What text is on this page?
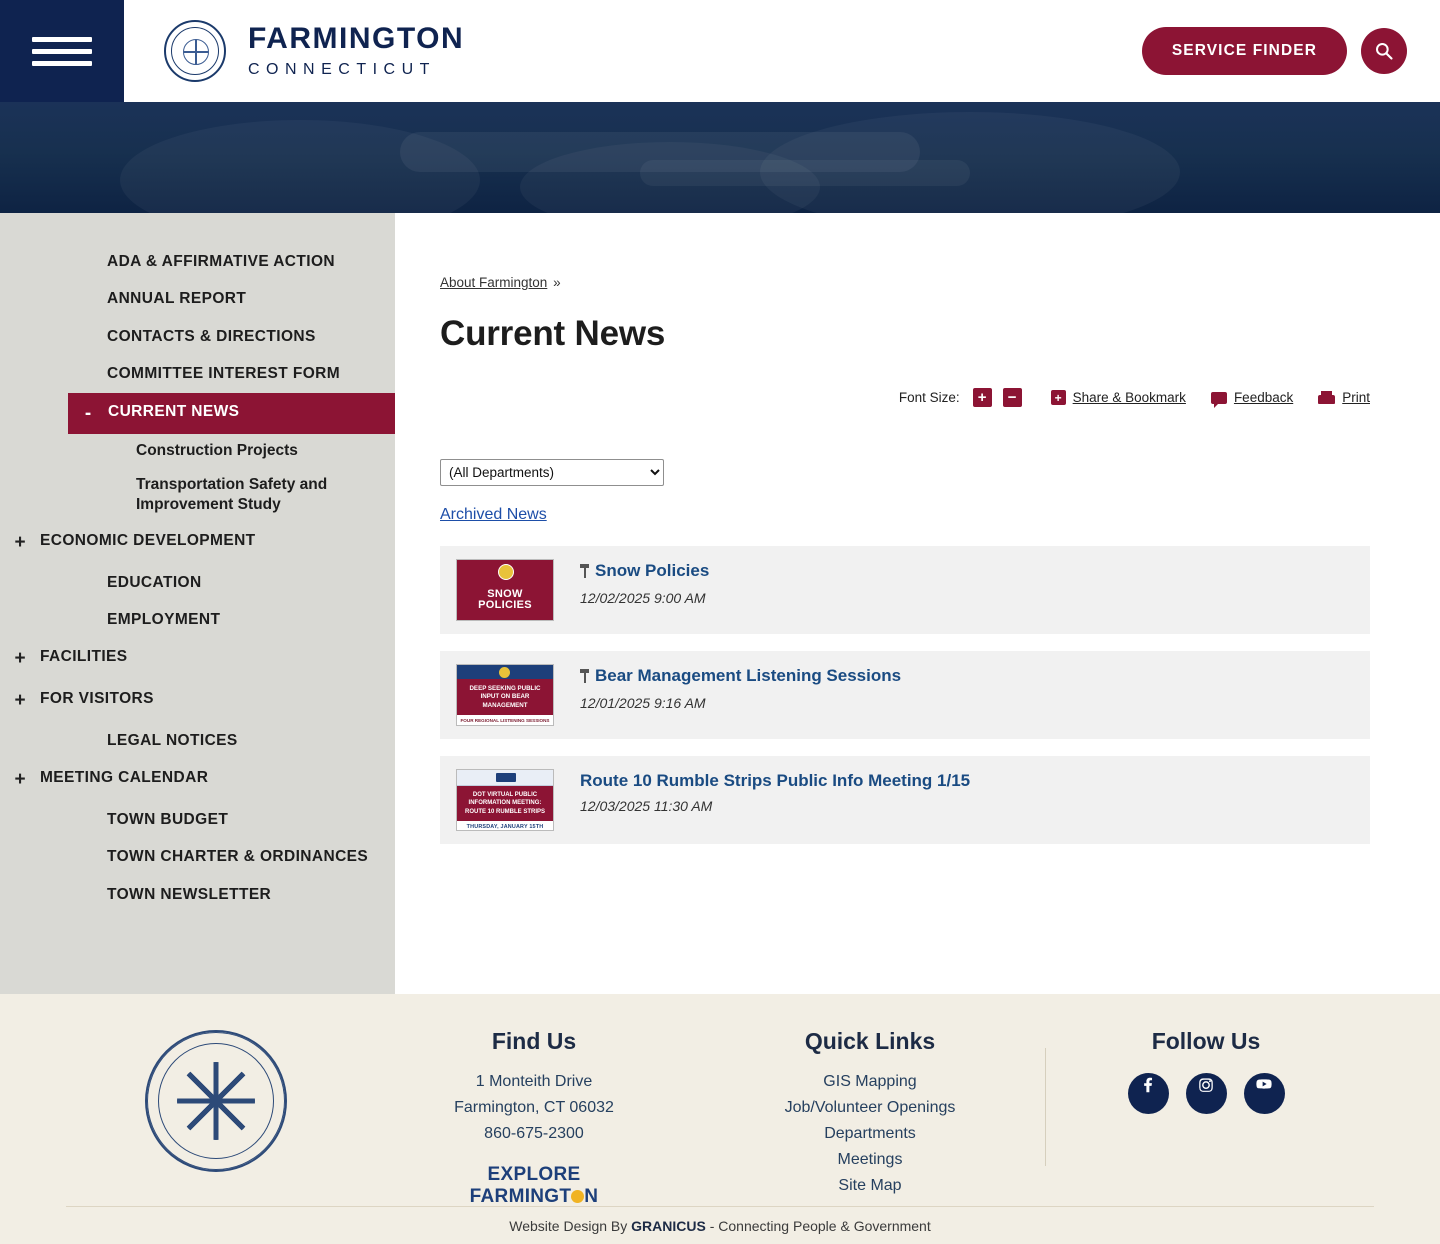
FARMINGTON
CONNECTICUT
SERVICE FINDER
ADA & AFFIRMATIVE ACTION
ANNUAL REPORT
CONTACTS & DIRECTIONS
COMMITTEE INTEREST FORM
-	CURRENT NEWS
Construction Projects
Transportation Safety and Improvement Study
+ ECONOMIC DEVELOPMENT
EDUCATION
EMPLOYMENT
+ FACILITIES
+ FOR VISITORS
LEGAL NOTICES
+ MEETING CALENDAR
TOWN BUDGET
TOWN CHARTER & ORDINANCES
TOWN NEWSLETTER
About Farmington »
Current News
Font Size:	+	−	+ Share & Bookmark	Feedback	Print
(All Departments)
Archived News
SNOW
POLICIES
Snow Policies
12/02/2025 9:00 AM
DEEP SEEKING PUBLIC INPUT ON BEAR MANAGEMENT
FOUR REGIONAL LISTENING SESSIONS
Bear Management Listening Sessions
12/01/2025 9:16 AM
DOT VIRTUAL PUBLIC INFORMATION MEETING: ROUTE 10 RUMBLE STRIPS
THURSDAY, JANUARY 15TH
Route 10 Rumble Strips Public Info Meeting 1/15
12/03/2025 11:30 AM
Find Us

1 Monteith Drive

Farmington, CT 06032

860-675-2300

EXPLORE
FARMINGT N
Quick Links
GIS Mapping
Job/Volunteer Openings
Departments
Meetings
Site Map
Follow Us
Website Design By
GRANICUS
- Connecting People & Government
